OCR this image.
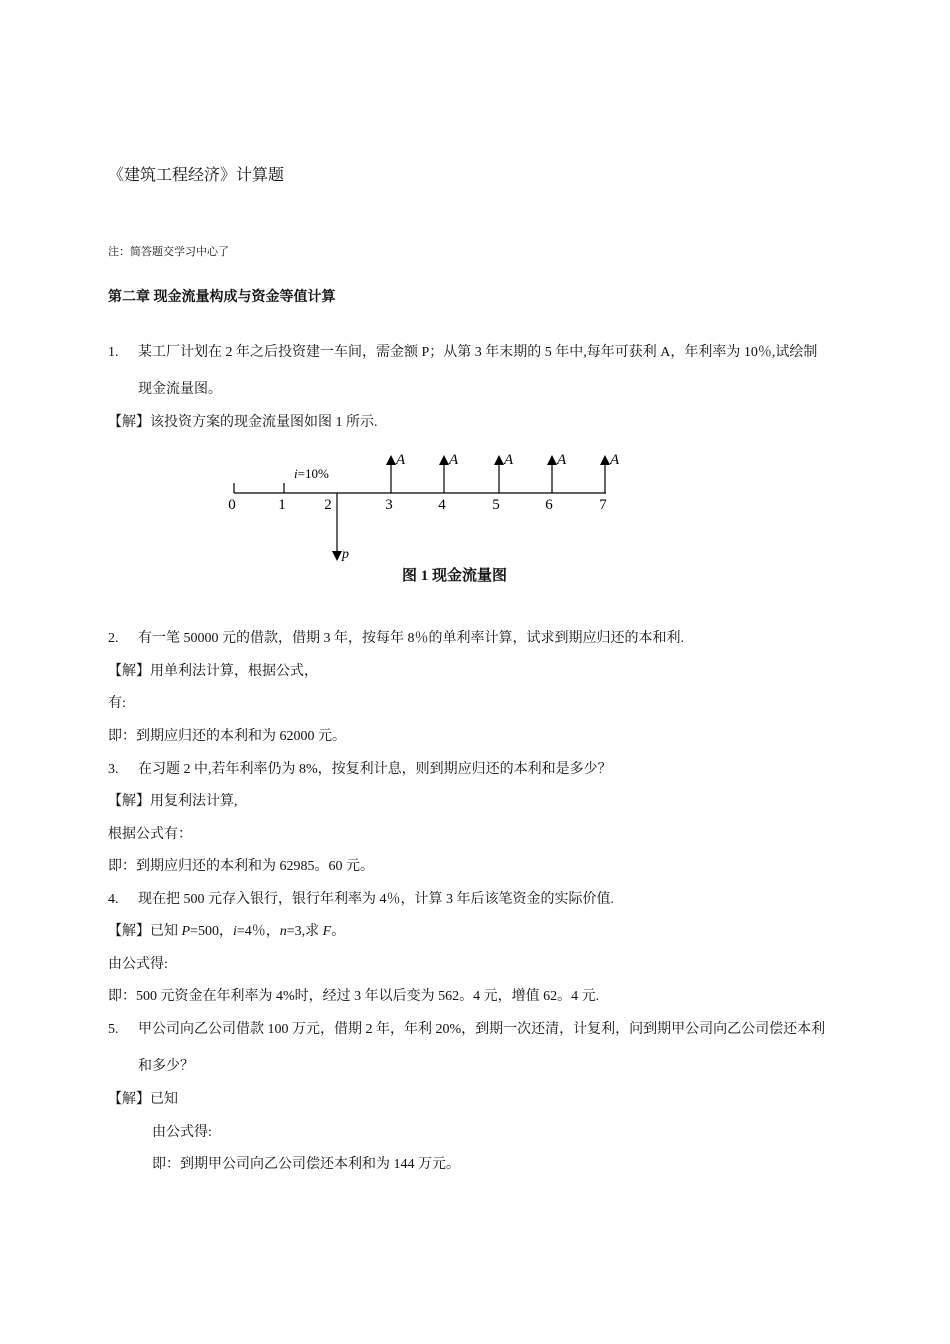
《建筑工程经济》计算题
注：简答题交学习中心了
第二章 现金流量构成与资金等值计算
1. 某工厂计划在 2 年之后投资建一车间，需金额 P；从第 3 年末期的 5 年中,每年可获利 A，年利率为 10％,试绘制
现金流量图。
【解】该投资方案的现金流量图如图 1 所示.
i=10%
0	1	2	3	4	5	6	7
p
A	A	A	A	A
图 1 现金流量图
2. 有一笔 50000 元的借款，借期 3 年，按每年 8％的单利率计算，试求到期应归还的本和利.
【解】用单利法计算，根据公式，
有:
即：到期应归还的本利和为 62000 元。
3. 在习题 2 中,若年利率仍为 8%，按复利计息，则到期应归还的本利和是多少？
【解】用复利法计算,
根据公式有：
即：到期应归还的本利和为 62985。60 元。
4. 现在把 500 元存入银行，银行年利率为 4％，计算 3 年后该笔资金的实际价值.
【解】已知 P=500，i=4％，n=3,求 F。
由公式得:
即：500 元资金在年利率为 4%时，经过 3 年以后变为 562。4 元，增值 62。4 元.
5. 甲公司向乙公司借款 100 万元，借期 2 年，年利 20%，到期一次还清，计复利，问到期甲公司向乙公司偿还本利
和多少？
【解】已知
由公式得:
即：到期甲公司向乙公司偿还本利和为 144 万元。
